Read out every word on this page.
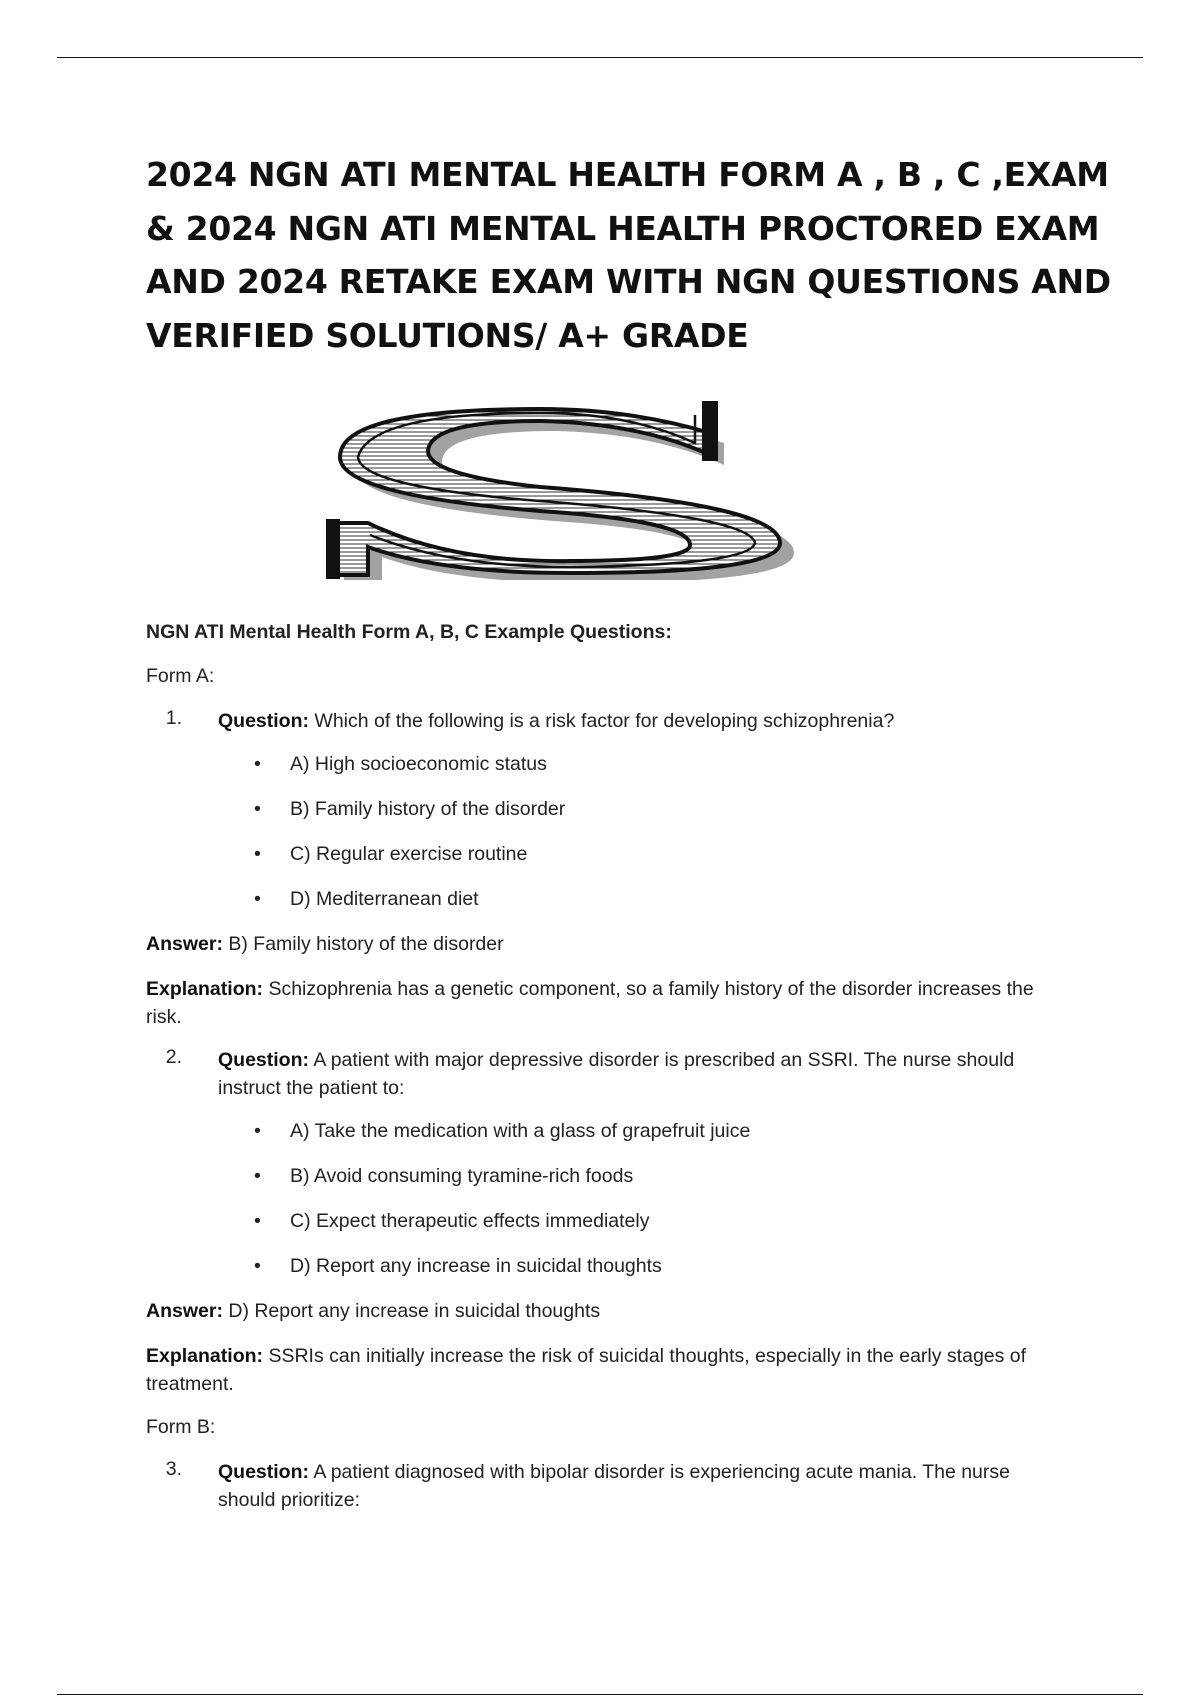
2024 NGN ATI MENTAL HEALTH FORM A , B , C ,EXAM
& 2024 NGN ATI MENTAL HEALTH PROCTORED EXAM
AND 2024 RETAKE EXAM WITH NGN QUESTIONS AND
VERIFIED SOLUTIONS/ A+ GRADE

NGN ATI Mental Health Form A, B, C Example Questions:

Form A:

1.	Question: Which of the following is a risk factor for developing schizophrenia?
• A) High socioeconomic status
• B) Family history of the disorder
• C) Regular exercise routine
• D) Mediterranean diet

Answer: B) Family history of the disorder

Explanation: Schizophrenia has a genetic component, so a family history of the disorder increases the risk.

2.	Question: A patient with major depressive disorder is prescribed an SSRI. The nurse should instruct the patient to:
• A) Take the medication with a glass of grapefruit juice
• B) Avoid consuming tyramine-rich foods
• C) Expect therapeutic effects immediately
• D) Report any increase in suicidal thoughts

Answer: D) Report any increase in suicidal thoughts

Explanation: SSRIs can initially increase the risk of suicidal thoughts, especially in the early stages of treatment.

Form B:

3.	Question: A patient diagnosed with bipolar disorder is experiencing acute mania. The nurse should prioritize:
